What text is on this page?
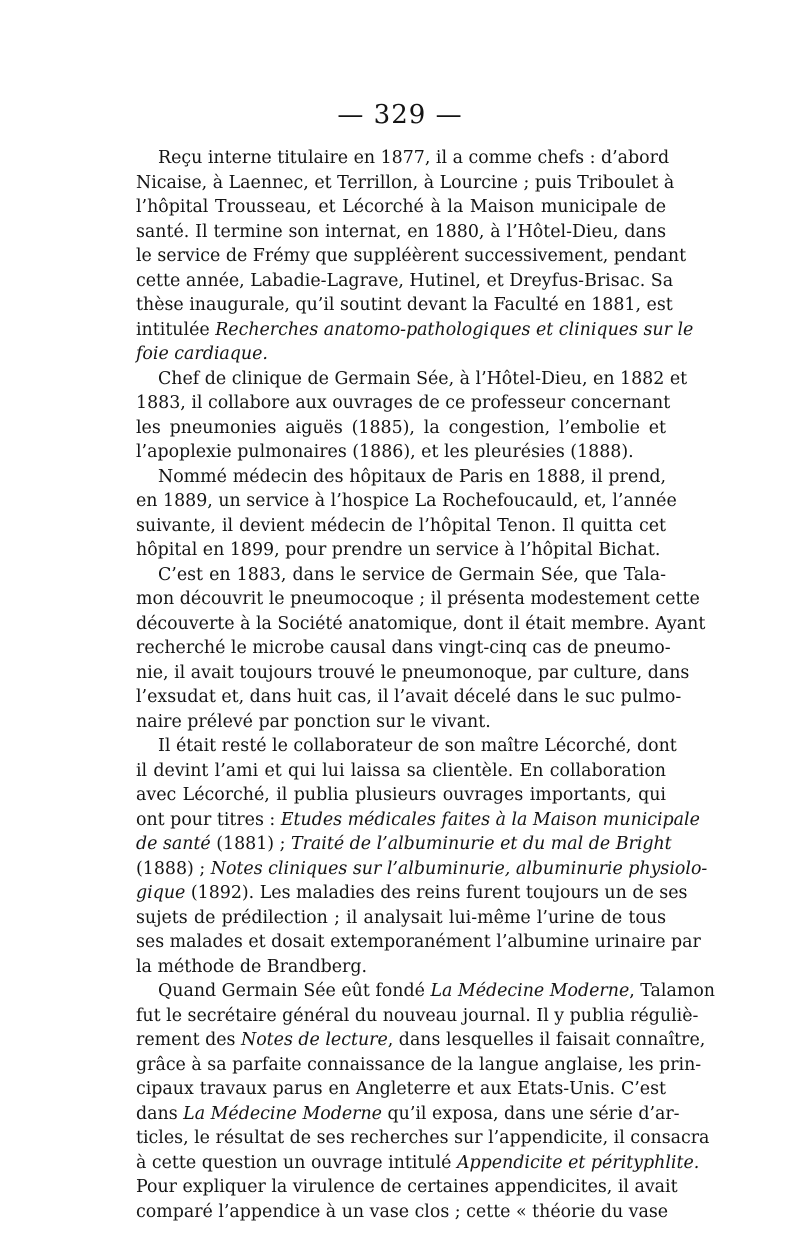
— 329 —
Reçu interne titulaire en 1877, il a comme chefs : d’abord
Nicaise, à Laennec, et Terrillon, à Lourcine ; puis Triboulet à
l’hôpital Trousseau, et Lécorché à la Maison municipale de
santé. Il termine son internat, en 1880, à l’Hôtel-Dieu, dans
le service de Frémy que suppléèrent successivement, pendant
cette année, Labadie-Lagrave, Hutinel, et Dreyfus-Brisac. Sa
thèse inaugurale, qu’il soutint devant la Faculté en 1881, est
intitulée Recherches anatomo-pathologiques et cliniques sur le
foie cardiaque.
Chef de clinique de Germain Sée, à l’Hôtel-Dieu, en 1882 et
1883, il collabore aux ouvrages de ce professeur concernant
les pneumonies aiguës (1885), la congestion, l’embolie et
l’apoplexie pulmonaires (1886), et les pleurésies (1888).
Nommé médecin des hôpitaux de Paris en 1888, il prend,
en 1889, un service à l’hospice La Rochefoucauld, et, l’année
suivante, il devient médecin de l’hôpital Tenon. Il quitta cet
hôpital en 1899, pour prendre un service à l’hôpital Bichat.
C’est en 1883, dans le service de Germain Sée, que Tala-
mon découvrit le pneumocoque ; il présenta modestement cette
découverte à la Société anatomique, dont il était membre. Ayant
recherché le microbe causal dans vingt-cinq cas de pneumo-
nie, il avait toujours trouvé le pneumonoque, par culture, dans
l’exsudat et, dans huit cas, il l’avait décelé dans le suc pulmo-
naire prélevé par ponction sur le vivant.
Il était resté le collaborateur de son maître Lécorché, dont
il devint l’ami et qui lui laissa sa clientèle. En collaboration
avec Lécorché, il publia plusieurs ouvrages importants, qui
ont pour titres : Etudes médicales faites à la Maison municipale
de santé (1881) ; Traité de l’albuminurie et du mal de Bright
(1888) ; Notes cliniques sur l’albuminurie, albuminurie physiolo-
gique (1892). Les maladies des reins furent toujours un de ses
sujets de prédilection ; il analysait lui-même l’urine de tous
ses malades et dosait extemporanément l’albumine urinaire par
la méthode de Brandberg.
Quand Germain Sée eût fondé La Médecine Moderne, Talamon
fut le secrétaire général du nouveau journal. Il y publia réguliè-
rement des Notes de lecture, dans lesquelles il faisait connaître,
grâce à sa parfaite connaissance de la langue anglaise, les prin-
cipaux travaux parus en Angleterre et aux Etats-Unis. C’est
dans La Médecine Moderne qu’il exposa, dans une série d’ar-
ticles, le résultat de ses recherches sur l’appendicite, il consacra
à cette question un ouvrage intitulé Appendicite et pérityphlite.
Pour expliquer la virulence de certaines appendicites, il avait
comparé l’appendice à un vase clos ; cette « théorie du vase
